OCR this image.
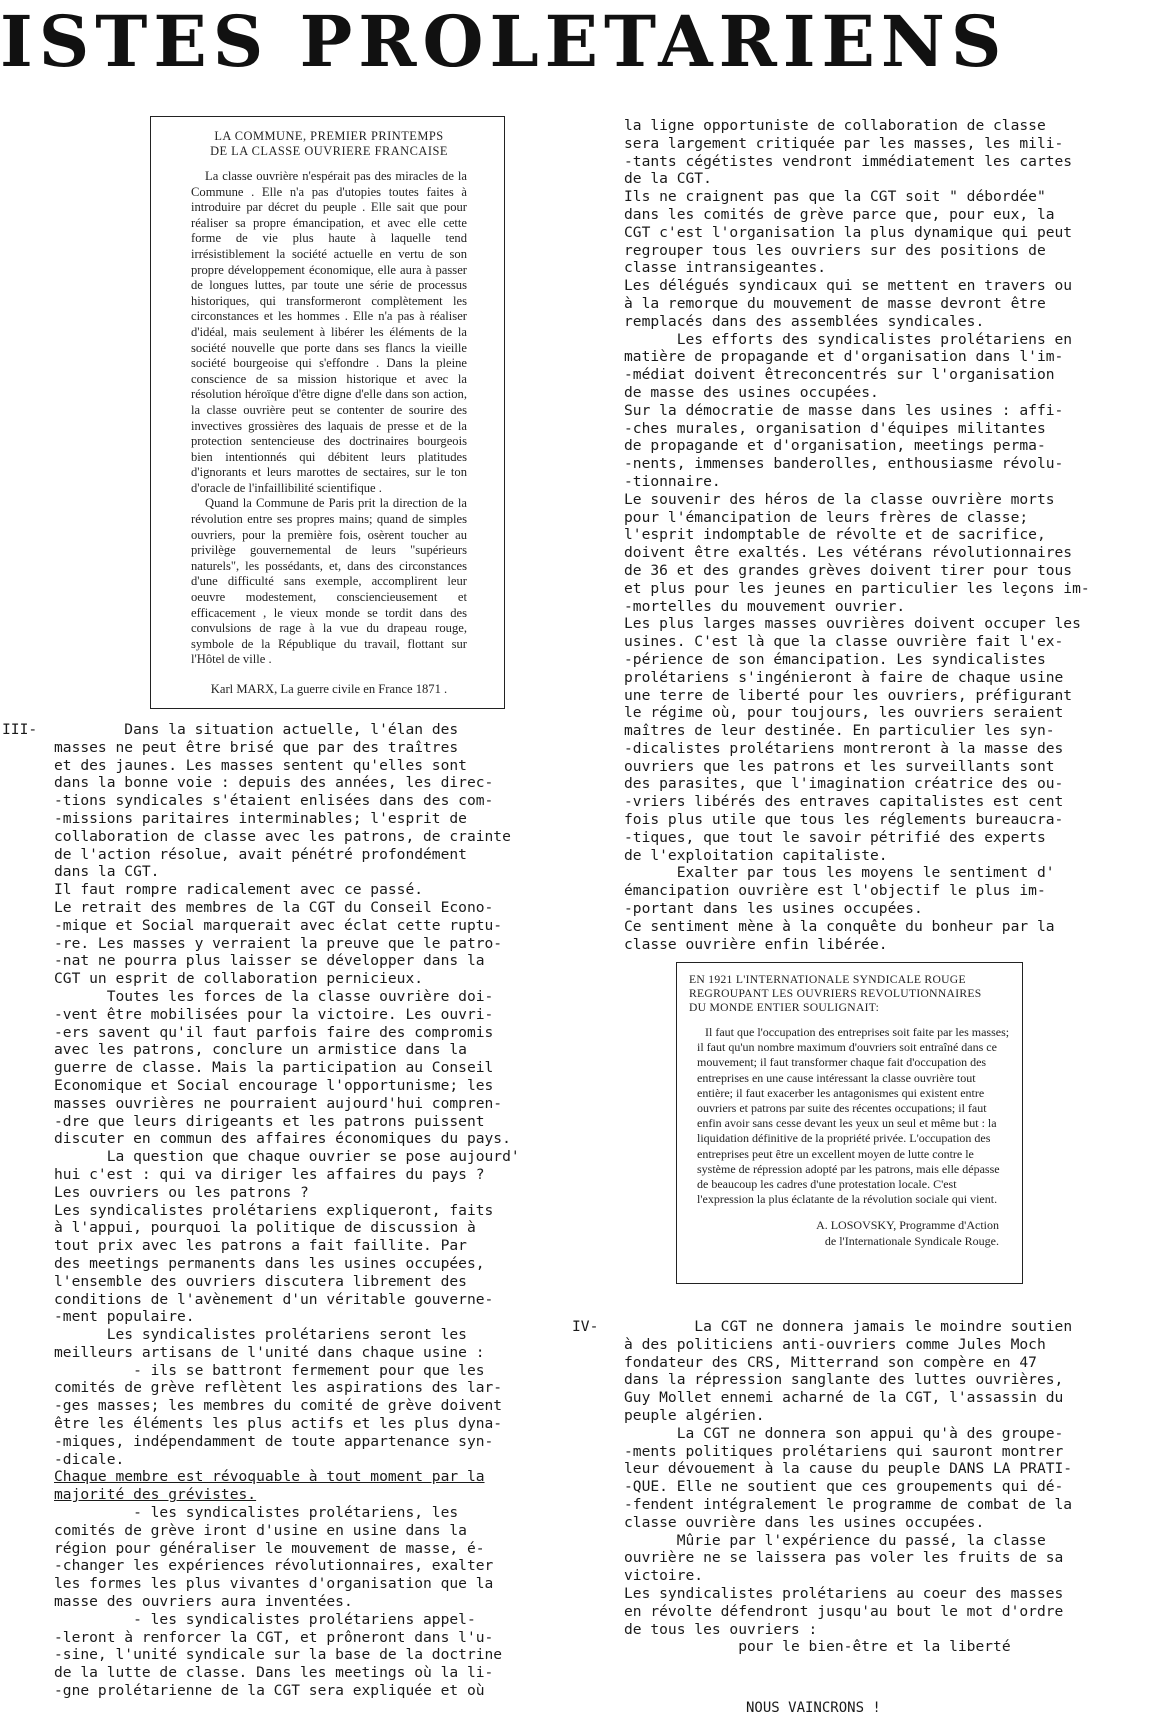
ISTES PROLETARIENS
LA COMMUNE, PREMIER PRINTEMPS
DE LA CLASSE OUVRIERE FRANCAISE

La classe ouvrière n'espérait pas des miracles de la Commune . Elle n'a pas d'utopies toutes faites à introduire par décret du peuple . Elle sait que pour réaliser sa propre émancipation, et avec elle cette forme de vie plus haute à laquelle tend irrésistiblement la société actuelle en vertu de son propre développement économique, elle aura à passer de longues luttes, par toute une série de processus historiques, qui transformeront complètement les circonstances et les hommes . Elle n'a pas à réaliser d'idéal, mais seulement à libérer les éléments de la société nouvelle que porte dans ses flancs la vieille société bourgeoise qui s'effondre . Dans la pleine conscience de sa mission historique et avec la résolution héroïque d'être digne d'elle dans son action, la classe ouvrière peut se contenter de sourire des invectives grossières des laquais de presse et de la protection sentencieuse des doctrinaires bourgeois bien intentionnés qui débitent leurs platitudes d'ignorants et leurs marottes de sectaires, sur le ton d'oracle de l'infaillibilité scientifique .

Quand la Commune de Paris prit la direction de la révolution entre ses propres mains; quand de simples ouvriers, pour la première fois, osèrent toucher au privilège gouvernemental de leurs "supérieurs naturels", les possédants, et, dans des circonstances d'une difficulté sans exemple, accomplirent leur oeuvre modestement, consciencieusement et efficacement , le vieux monde se tordit dans des convulsions de rage à la vue du drapeau rouge, symbole de la République du travail, flottant sur l'Hôtel de ville .

Karl MARX, La guerre civile en France 1871 .

III- Dans la situation actuelle, l'élan des

masses ne peut être brisé que par des traîtres

et des jaunes. Les masses sentent qu'elles sont

dans la bonne voie : depuis des années, les direc-

-tions syndicales s'étaient enlisées dans des com-

-missions paritaires interminables; l'esprit de

collaboration de classe avec les patrons, de crainte

de l'action résolue, avait pénétré profondément

dans la CGT.

Il faut rompre radicalement avec ce passé.

Le retrait des membres de la CGT du Conseil Econo-

-mique et Social marquerait avec éclat cette ruptu-

-re. Les masses y verraient la preuve que le patro-

-nat ne pourra plus laisser se développer dans la

CGT un esprit de collaboration pernicieux.

Toutes les forces de la classe ouvrière doi-

-vent être mobilisées pour la victoire. Les ouvri-

-ers savent qu'il faut parfois faire des compromis

avec les patrons, conclure un armistice dans la

guerre de classe. Mais la participation au Conseil

Economique et Social encourage l'opportunisme; les

masses ouvrières ne pourraient aujourd'hui compren-

-dre que leurs dirigeants et les patrons puissent

discuter en commun des affaires économiques du pays.

La question que chaque ouvrier se pose aujourd'

hui c'est : qui va diriger les affaires du pays ?

Les ouvriers ou les patrons ?

Les syndicalistes prolétariens expliqueront, faits

à l'appui, pourquoi la politique de discussion à

tout prix avec les patrons a fait faillite. Par

des meetings permanents dans les usines occupées,

l'ensemble des ouvriers discutera librement des

conditions de l'avènement d'un véritable gouverne-

-ment populaire.

Les syndicalistes prolétariens seront les

meilleurs artisans de l'unité dans chaque usine :

- ils se battront fermement pour que les

comités de grève reflètent les aspirations des lar-

-ges masses; les membres du comité de grève doivent

être les éléments les plus actifs et les plus dyna-

-miques, indépendamment de toute appartenance syn-

-dicale.

Chaque membre est révoquable à tout moment par la

majorité des grévistes.

- les syndicalistes prolétariens, les

comités de grève iront d'usine en usine dans la

région pour généraliser le mouvement de masse, é-

-changer les expériences révolutionnaires, exalter

les formes les plus vivantes d'organisation que la

masse des ouvriers aura inventées.

- les syndicalistes prolétariens appel-

-leront à renforcer la CGT, et prôneront dans l'u-

-sine, l'unité syndicale sur la base de la doctrine

de la lutte de classe. Dans les meetings où la li-

-gne prolétarienne de la CGT sera expliquée et où

la ligne opportuniste de collaboration de classe

sera largement critiquée par les masses, les mili-

-tants cégétistes vendront immédiatement les cartes

de la CGT.

Ils ne craignent pas que la CGT soit " débordée"

dans les comités de grève parce que, pour eux, la

CGT c'est l'organisation la plus dynamique qui peut

regrouper tous les ouvriers sur des positions de

classe intransigeantes.

Les délégués syndicaux qui se mettent en travers ou

à la remorque du mouvement de masse devront être

remplacés dans des assemblées syndicales.

Les efforts des syndicalistes prolétariens en

matière de propagande et d'organisation dans l'im-

-médiat doivent êtreconcentrés sur l'organisation

de masse des usines occupées.

Sur la démocratie de masse dans les usines : affi-

-ches murales, organisation d'équipes militantes

de propagande et d'organisation, meetings perma-

-nents, immenses banderolles, enthousiasme révolu-

-tionnaire.

Le souvenir des héros de la classe ouvrière morts

pour l'émancipation de leurs frères de classe;

l'esprit indomptable de révolte et de sacrifice,

doivent être exaltés. Les vétérans révolutionnaires

de 36 et des grandes grèves doivent tirer pour tous

et plus pour les jeunes en particulier les leçons im-

-mortelles du mouvement ouvrier.

Les plus larges masses ouvrières doivent occuper les

usines. C'est là que la classe ouvrière fait l'ex-

-périence de son émancipation. Les syndicalistes

prolétariens s'ingénieront à faire de chaque usine

une terre de liberté pour les ouvriers, préfigurant

le régime où, pour toujours, les ouvriers seraient

maîtres de leur destinée. En particulier les syn-

-dicalistes prolétariens montreront à la masse des

ouvriers que les patrons et les surveillants sont

des parasites, que l'imagination créatrice des ou-

-vriers libérés des entraves capitalistes est cent

fois plus utile que tous les réglements bureaucra-

-tiques, que tout le savoir pétrifié des experts

de l'exploitation capitaliste.

Exalter par tous les moyens le sentiment d'

émancipation ouvrière est l'objectif le plus im-

-portant dans les usines occupées.

Ce sentiment mène à la conquête du bonheur par la

classe ouvrière enfin libérée.

EN 1921 L'INTERNATIONALE SYNDICALE ROUGE
REGROUPANT LES OUVRIERS REVOLUTIONNAIRES
DU MONDE ENTIER SOULIGNAIT:

Il faut que l'occupation des entreprises soit faite par les masses; il faut qu'un nombre maximum d'ouvriers soit entraîné dans ce mouvement; il faut transformer chaque fait d'occupation des entreprises en une cause intéressant la classe ouvrière tout entière; il faut exacerber les antagonismes qui existent entre ouvriers et patrons par suite des récentes occupations; il faut enfin avoir sans cesse devant les yeux un seul et même but : la liquidation définitive de la propriété privée. L'occupation des entreprises peut être un excellent moyen de lutte contre le système de répression adopté par les patrons, mais elle dépasse de beaucoup les cadres d'une protestation locale. C'est l'expression la plus éclatante de la révolution sociale qui vient.

A. LOSOVSKY, Programme d'Action
de l'Internationale Syndicale Rouge.
IV- La CGT ne donnera jamais le moindre soutien

à des politiciens anti-ouvriers comme Jules Moch

fondateur des CRS, Mitterrand son compère en 47

dans la répression sanglante des luttes ouvrières,

Guy Mollet ennemi acharné de la CGT, l'assassin du

peuple algérien.

La CGT ne donnera son appui qu'à des groupe-

-ments politiques prolétariens qui sauront montrer

leur dévouement à la cause du peuple DANS LA PRATI-

-QUE. Elle ne soutient que ces groupements qui dé-

-fendent intégralement le programme de combat de la

classe ouvrière dans les usines occupées.

Mûrie par l'expérience du passé, la classe

ouvrière ne se laissera pas voler les fruits de sa

victoire.

Les syndicalistes prolétariens au coeur des masses

en révolte défendront jusqu'au bout le mot d'ordre

de tous les ouvriers :

pour le bien-être et la liberté

NOUS VAINCRONS !
